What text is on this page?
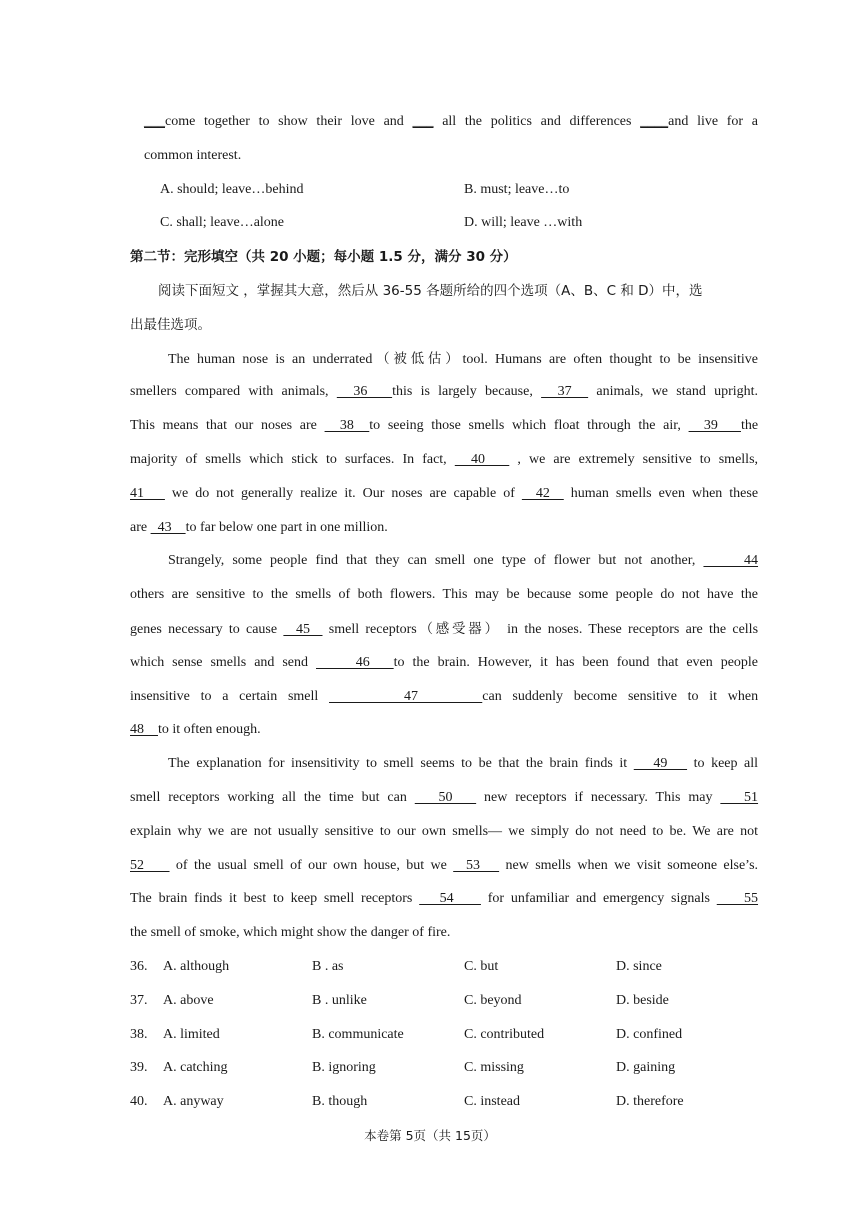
___come together to show their love and ___ all the politics and differences ____and live for a
common interest.
A. should; leave…behind	B. must; leave…to
C. shall; leave…alone	D. will; leave …with
第二节：完形填空（共 20 小题；每小题 1.5 分，满分 30 分）
阅读下面短文 ，掌握其大意，然后从 36-55 各题所给的四个选项（A、B、C 和 D）中，选
出最佳选项。
The human nose is an underrated（被低估）tool. Humans are often thought to be insensitive
smellers compared with animals,   36   this is largely because,   37   animals, we stand upright.
This means that our noses are   38  to seeing those smells which float through the air,   39   the
majority of smells which stick to surfaces. In fact,   40    , we are extremely sensitive to smells,
41    we do not generally realize it. Our noses are capable of   42   human smells even when these
are   43    to far below one part in one million.
Strangely, some people find that they can smell one type of flower but not another,      44
others are sensitive to the smells of both flowers. This may be because some people do not have the
genes necessary to cause   45   smell receptors（感受器） in the noses. These receptors are the cells
which sense smells and send      46   to the brain. However, it has been found that even people
insensitive to a certain smell        47      can suddenly become sensitive to it when
48    to it often enough.
The explanation for insensitivity to smell seems to be that the brain finds it    49    to keep all
smell receptors working all the time but can    50    new receptors if necessary. This may    51
explain why we are not usually sensitive to our own smells— we simply do not need to be. We are not
52     of the usual smell of our own house, but we   53    new smells when we visit someone else’s.
The brain finds it best to keep smell receptors    54     for unfamiliar and emergency signals     55
the smell of smoke, which might show the danger of fire.
36.	A. although	B . as	C. but	D. since
37.	A. above	B . unlike	C. beyond	D. beside
38.	A. limited	B. communicate	C. contributed	D. confined
39.	A. catching	B. ignoring	C. missing	D. gaining
40.	A. anyway	B. though	C. instead	D. therefore
本卷第 5页（共 15页）
